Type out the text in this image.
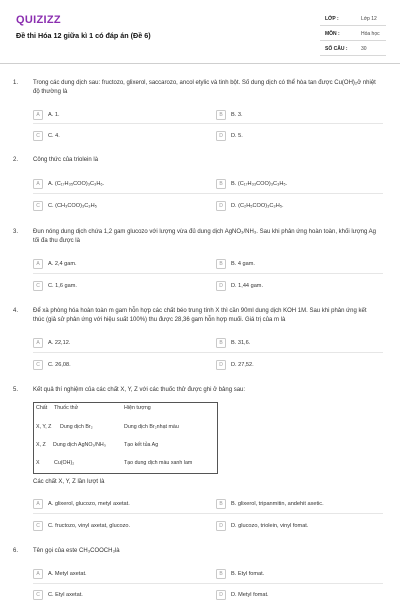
QUIZIZZ
Đề thi Hóa 12 giữa kì 1 có đáp án (Đề 6)
LỚP :	Lớp 12
MÔN :	Hóa học
SỐ CÂU :	30
1. Trong các dung dịch sau: fructozo, glixerol, saccarozo, ancol etylic và tinh bột. Số dung dịch có thể hòa tan được Cu(OH)₂ở nhiệt độ thường là
A	A. 1.	B	B. 3.
C	C. 4.	D	D. 5.
2. Công thức của triolein là
A	A. (C₁₇H₃₅COO)₃C₃H₆.	B	B. (C₁₇H₃₃COO)₃C₃H₅.
C	C. (CH₃COO)₃C₃H₅	D	D. (C₂H₅COO)₃C₃H₅.
3. Đun nóng dung dịch chứa 1,2 gam glucozo với lượng vừa đủ dung dịch AgNO₃/NH₃. Sau khi phản ứng hoàn toàn, khối lượng Ag tối đa thu được là
A	A. 2,4 gam.	B	B. 4 gam.
C	C. 1,6 gam.	D	D. 1,44 gam.
4. Để xà phòng hóa hoàn toàn m gam hỗn hợp các chất béo trung tính X thì cần 90ml dung dịch KOH 1M. Sau khi phản ứng kết thúc (giả sử phản ứng với hiệu suất 100%) thu được 28,36 gam hỗn hợp muối. Giá trị của m là
A	A. 22,12.	B	B. 31,6.
C	C. 26,08.	D	D. 27,52.
5. Kết quả thí nghiệm của các chất X, Y, Z với các thuốc thử được ghi ở bảng sau:
Chất Thuốc thử	Hiện tượng
X, Y, Z Dung dịch Br₂	Dung dịch Br₂nhạt màu
X, Z Dung dịch AgNO₃/NH₃	Tạo kết tủa Ag
X	Cu(OH)₂	Tạo dung dịch màu xanh lam
Các chất X, Y, Z lần lượt là
A	A. glixerol, glucozo, metyl axetat.	B	B. glixerol, tripanmitin, andehit axetic.
C	C. fructozo, vinyl axetat, glucozo.	D	D. glucozo, triolein, vinyl fomat.
6. Tên gọi của este CH₃COOCH₃là
A	A. Metyl axetat.	B	B. Etyl fomat.
C	C. Etyl axetat.	D	D. Metyl fomat.
